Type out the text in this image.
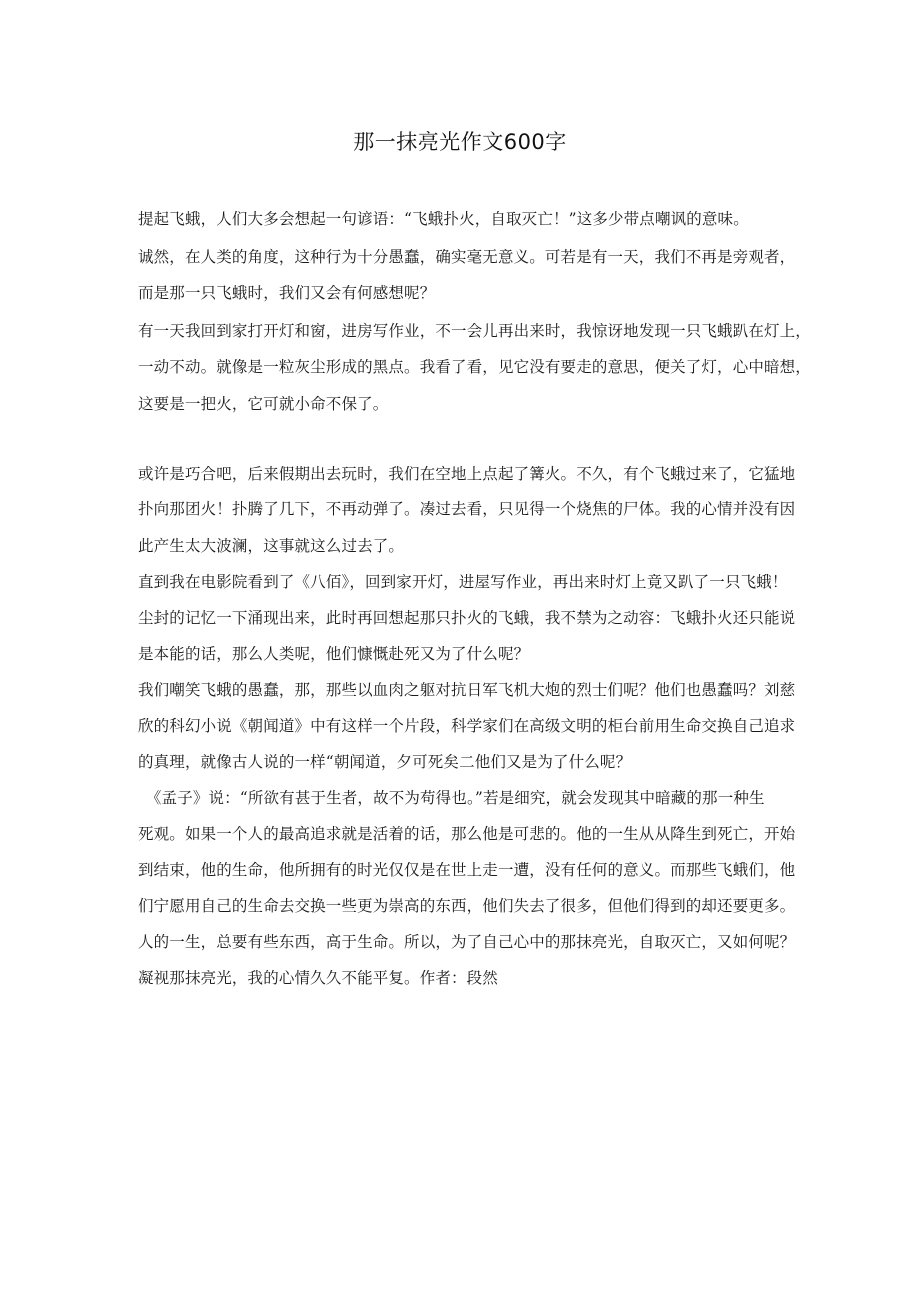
那一抹亮光作文600字
提起飞蛾，人们大多会想起一句谚语：“飞蛾扑火，自取灭亡！”这多少带点嘲讽的意味。
诚然，在人类的角度，这种行为十分愚蠢，确实毫无意义。可若是有一天，我们不再是旁观者，
而是那一只飞蛾时，我们又会有何感想呢？
有一天我回到家打开灯和窗，进房写作业，不一会儿再出来时，我惊讶地发现一只飞蛾趴在灯上，
一动不动。就像是一粒灰尘形成的黑点。我看了看，见它没有要走的意思，便关了灯，心中暗想，
这要是一把火，它可就小命不保了。
或许是巧合吧，后来假期出去玩时，我们在空地上点起了篝火。不久，有个飞蛾过来了，它猛地
扑向那团火！扑腾了几下，不再动弹了。凑过去看，只见得一个烧焦的尸体。我的心情并没有因
此产生太大波澜，这事就这么过去了。
直到我在电影院看到了《八佰》，回到家开灯，进屋写作业，再出来时灯上竟又趴了一只飞蛾！
尘封的记忆一下涌现出来，此时再回想起那只扑火的飞蛾，我不禁为之动容：飞蛾扑火还只能说
是本能的话，那么人类呢，他们慷慨赴死又为了什么呢？
我们嘲笑飞蛾的愚蠢，那，那些以血肉之躯对抗日军飞机大炮的烈士们呢？他们也愚蠢吗？刘慈
欣的科幻小说《朝闻道》中有这样一个片段，科学家们在高级文明的柜台前用生命交换自己追求
的真理，就像古人说的一样“朝闻道，夕可死矣二他们又是为了什么呢？
　《孟子》说：“所欲有甚于生者，故不为苟得也。”若是细究，就会发现其中暗藏的那一种生
死观。如果一个人的最高追求就是活着的话，那么他是可悲的。他的一生从从降生到死亡，开始
到结束，他的生命，他所拥有的时光仅仅是在世上走一遭，没有任何的意义。而那些飞蛾们，他
们宁愿用自己的生命去交换一些更为崇高的东西，他们失去了很多，但他们得到的却还要更多。
人的一生，总要有些东西，高于生命。所以，为了自己心中的那抹亮光，自取灭亡，又如何呢？
凝视那抹亮光，我的心情久久不能平复。作者：段然
